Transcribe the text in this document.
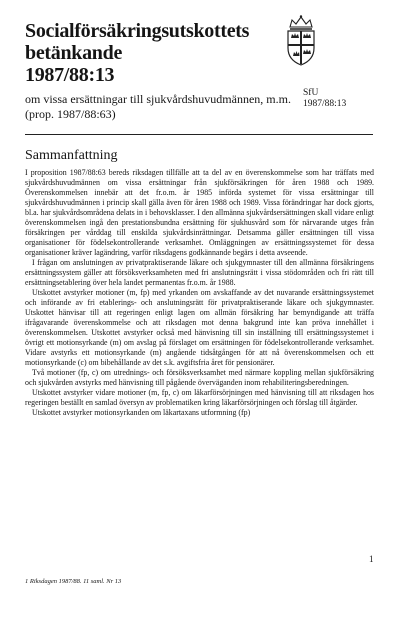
Socialförsäkringsutskottets
betänkande
1987/88:13
om vissa ersättningar till sjukvårdshuvudmännen, m.m. (prop. 1987/88:63)
SfU
1987/88:13
Sammanfattning

I proposition 1987/88:63 bereds riksdagen tillfälle att ta del av en överenskommelse som har träffats med sjukvårdshuvudmännen om vissa ersättningar från sjukförsäkringen för åren 1988 och 1989. Överenskommelsen innebär att det fr.o.m. år 1985 införda systemet för vissa ersättningar till sjukvårdshuvudmännen i princip skall gälla även för åren 1988 och 1989. Vissa förändringar har dock gjorts, bl.a. har sjukvårdsområdena delats in i behovsklasser. I den allmänna sjukvårdsersättningen skall vidare enligt överenskommelsen ingå den prestationsbundna ersättning för sjukhusvård som för närvarande utges från försäkringen per vårddag till enskilda sjukvårdsinrättningar. Detsamma gäller ersättningen till vissa organisationer för födelsekontrollerande verksamhet. Omläggningen av ersättningssystemet för dessa organisationer kräver lagändring, varför riksdagens godkännande begärs i detta avseende.

I frågan om anslutningen av privatpraktiserande läkare och sjukgymnaster till den allmänna försäkringens ersättningssystem gäller att försöksverksamheten med fri anslutningsrätt i vissa stödområden och fri rätt till ersättningsetablering över hela landet permanentas fr.o.m. år 1988.

Utskottet avstyrker motioner (m, fp) med yrkanden om avskaffande av det nuvarande ersättningssystemet och införande av fri etablerings- och anslutningsrätt för privatpraktiserande läkare och sjukgymnaster. Utskottet hänvisar till att regeringen enligt lagen om allmän försäkring har bemyndigande att träffa ifrågavarande överenskommelse och att riksdagen mot denna bakgrund inte kan pröva innehållet i överenskommelsen. Utskottet avstyrker också med hänvisning till sin inställning till ersättningssystemet i övrigt ett motionsyrkande (m) om avslag på förslaget om ersättningen för födelsekontrollerande verksamhet. Vidare avstyrks ett motionsyrkande (m) angående tidsåtgången för att nå överenskommelsen och ett motionsyrkande (c) om bibehållande av det s.k. avgiftsfria året för pensionärer.

Två motioner (fp, c) om utrednings- och försöksverksamhet med närmare koppling mellan sjukförsäkring och sjukvården avstyrks med hänvisning till pågående överväganden inom rehabiliteringsberedningen.

Utskottet avstyrker vidare motioner (m, fp, c) om läkarförsörjningen med hänvisning till att riksdagen hos regeringen beställt en samlad översyn av problematiken kring läkarförsörjningen och förslag till åtgärder.

Utskottet avstyrker motionsyrkanden om läkartaxans utformning (fp)

1
1 Riksdagen 1987/88. 11 saml. Nr 13
